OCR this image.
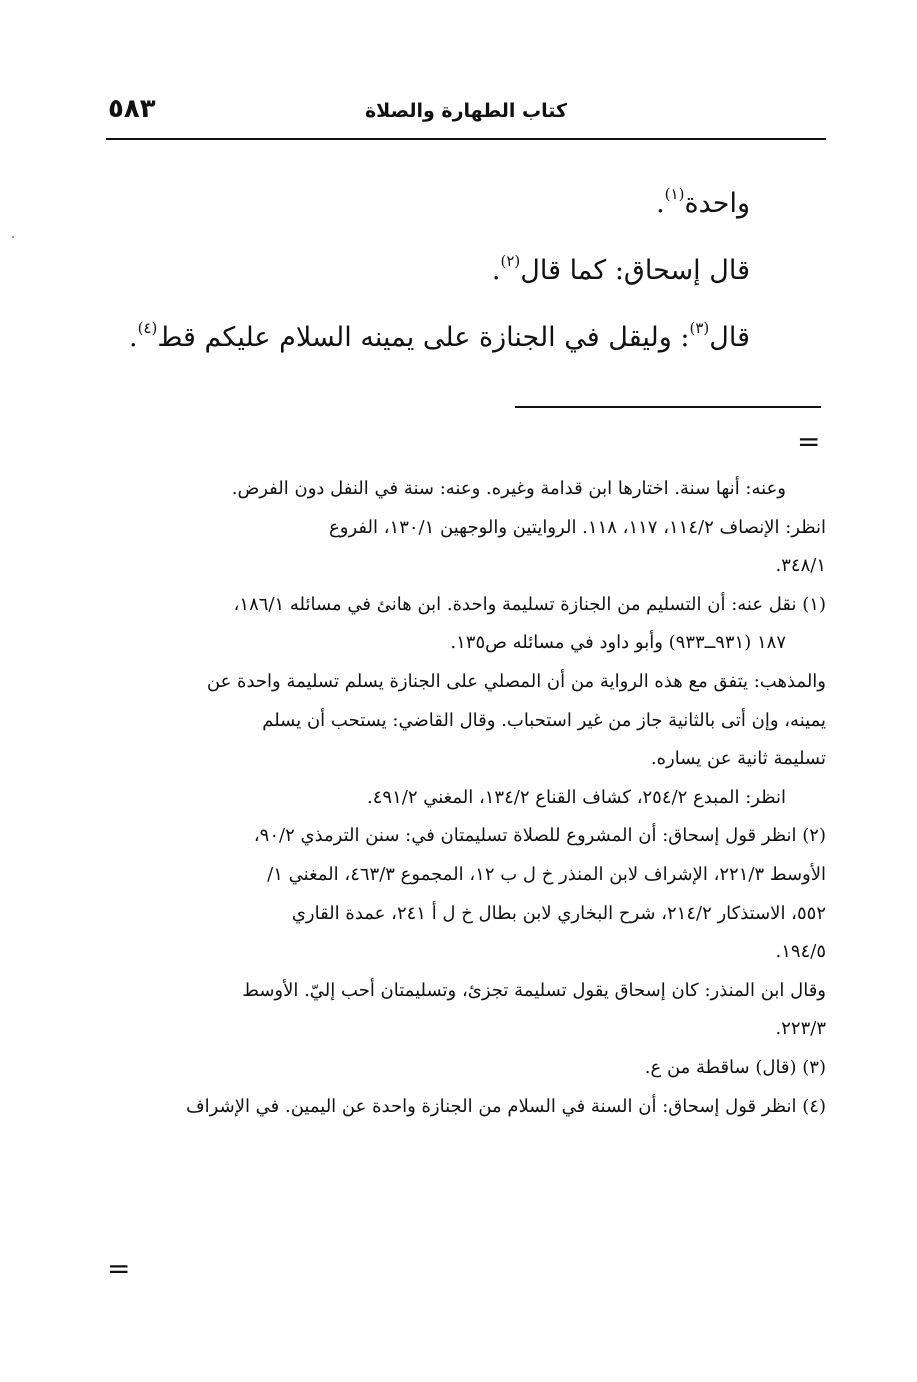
كتاب الطهارة والصلاة
٥٨٣
واحدة$^{(١)}$.
قال إسحاق: كما قال$^{(٢)}$.
قال$^{(٣)}$: وليقل في الجنازة على يمينه السلام عليكم قط$^{(٤)}$.
=
وعنه: أنها سنة. اختارها ابن قدامة وغيره. وعنه: سنة في النفل دون الفرض.
انظر: الإنصاف ١١٤/٢، ١١٧، ١١٨. الروايتين والوجهين ١٣٠/١، الفروع
٣٤٨/١.
(١) نقل عنه: أن التسليم من الجنازة تسليمة واحدة. ابن هانئ في مسائله ١٨٦/١،
١٨٧ (٩٣١ــ٩٣٣) وأبو داود في مسائله ص١٣٥.
والمذهب: يتفق مع هذه الرواية من أن المصلي على الجنازة يسلم تسليمة واحدة عن
يمينه، وإن أتى بالثانية جاز من غير استحباب. وقال القاضي: يستحب أن يسلم
تسليمة ثانية عن يساره.
انظر: المبدع ٢٥٤/٢، كشاف القناع ١٣٤/٢، المغني ٤٩١/٢.
(٢) انظر قول إسحاق: أن المشروع للصلاة تسليمتان في: سنن الترمذي ٩٠/٢،
الأوسط ٢٢١/٣، الإشراف لابن المنذر خ ل ب ١٢، المجموع ٤٦٣/٣، المغني ١/
٥٥٢، الاستذكار ٢١٤/٢، شرح البخاري لابن بطال خ ل أ ٢٤١، عمدة القاري
١٩٤/٥.
وقال ابن المنذر: كان إسحاق يقول تسليمة تجزئ، وتسليمتان أحب إليّ. الأوسط
٢٢٣/٣.
(٣) (قال) ساقطة من ع.
(٤) انظر قول إسحاق: أن السنة في السلام من الجنازة واحدة عن اليمين. في الإشراف
=
